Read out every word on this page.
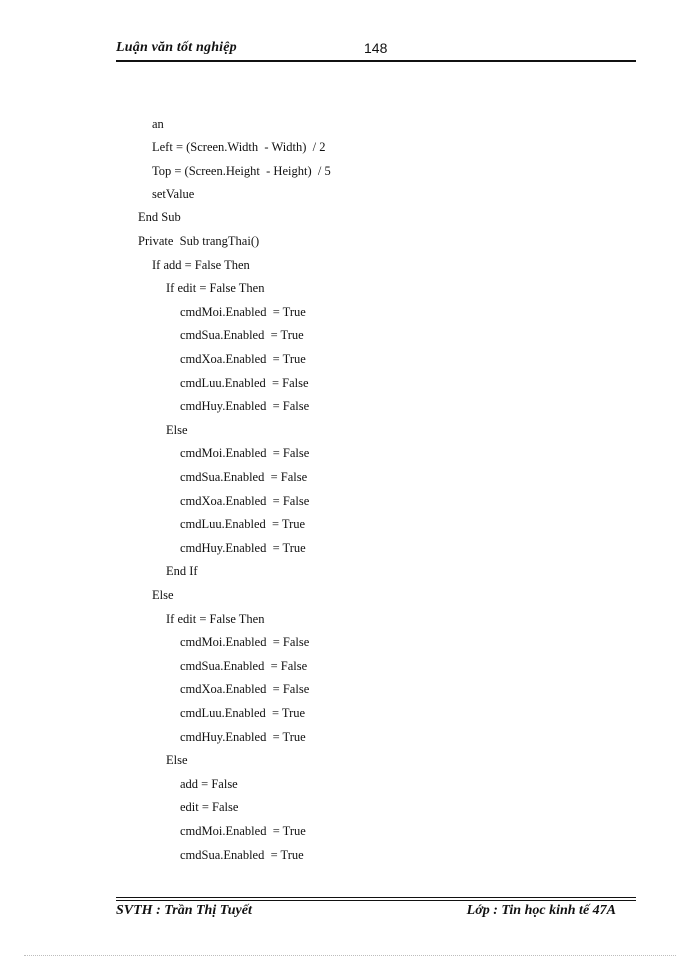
Luận văn tốt nghiệp	148
an
Left = (Screen.Width  - Width)  / 2
Top = (Screen.Height  - Height)  / 5
setValue
End Sub
Private  Sub trangThai()
If add = False Then
If edit = False Then
cmdMoi.Enabled  = True
cmdSua.Enabled  = True
cmdXoa.Enabled  = True
cmdLuu.Enabled  = False
cmdHuy.Enabled  = False
Else
cmdMoi.Enabled  = False
cmdSua.Enabled  = False
cmdXoa.Enabled  = False
cmdLuu.Enabled  = True
cmdHuy.Enabled  = True
End If
Else
If edit = False Then
cmdMoi.Enabled  = False
cmdSua.Enabled  = False
cmdXoa.Enabled  = False
cmdLuu.Enabled  = True
cmdHuy.Enabled  = True
Else
add = False
edit = False
cmdMoi.Enabled  = True
cmdSua.Enabled  = True
SVTH : Trần Thị Tuyết	Lớp : Tin học kinh tế 47A
